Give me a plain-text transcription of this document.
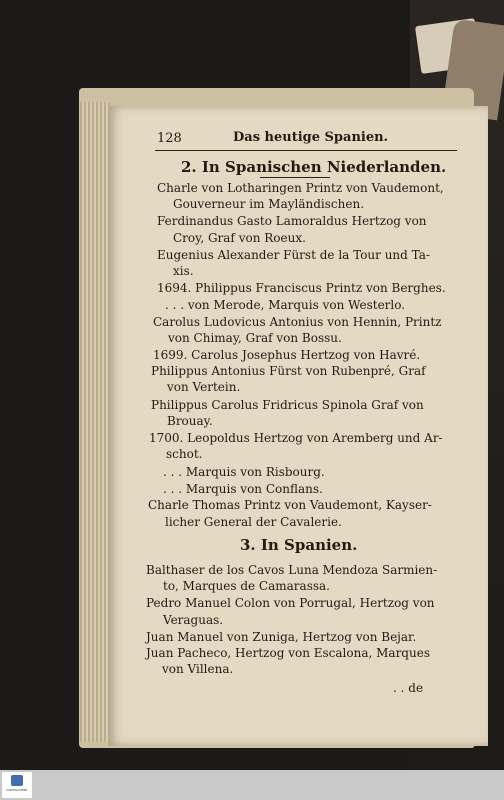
128	Das heutige Spanien.
2. In Spanischen Niederlanden.
Charle von Lotharingen Printz von Vaudemont,
Gouverneur im Mayländischen.
Ferdinandus Gasto Lamoraldus Hertzog von
Croy, Graf von Roeux.
Eugenius Alexander Fürst de la Tour und Ta-
xis.
1694. Philippus Franciscus Printz von Berghes.
. . . von Merode, Marquis von Westerlo.
Carolus Ludovicus Antonius von Hennin, Printz
von Chimay, Graf von Bossu.
1699. Carolus Josephus Hertzog von Havré.
Philippus Antonius Fürst von Rubenpré, Graf
von Vertein.
Philippus Carolus Fridricus Spinola Graf von
Brouay.
1700. Leopoldus Hertzog von Aremberg und Ar-
schot.
. . . Marquis von Risbourg.
. . . Marquis von Conflans.
Charle Thomas Printz von Vaudemont, Kayser-
licher General der Cavalerie.
3. In Spanien.
Balthaser de los Cavos Luna Mendoza Sarmien-
to, Marques de Camarassa.
Pedro Manuel Colon von Porrugal, Hertzog von
Veraguas.
Juan Manuel von Zuniga, Hertzog von Bejar.
Juan Pacheco, Hertzog von Escalona, Marques
von Villena.
. . de
DIGITALISIERT
